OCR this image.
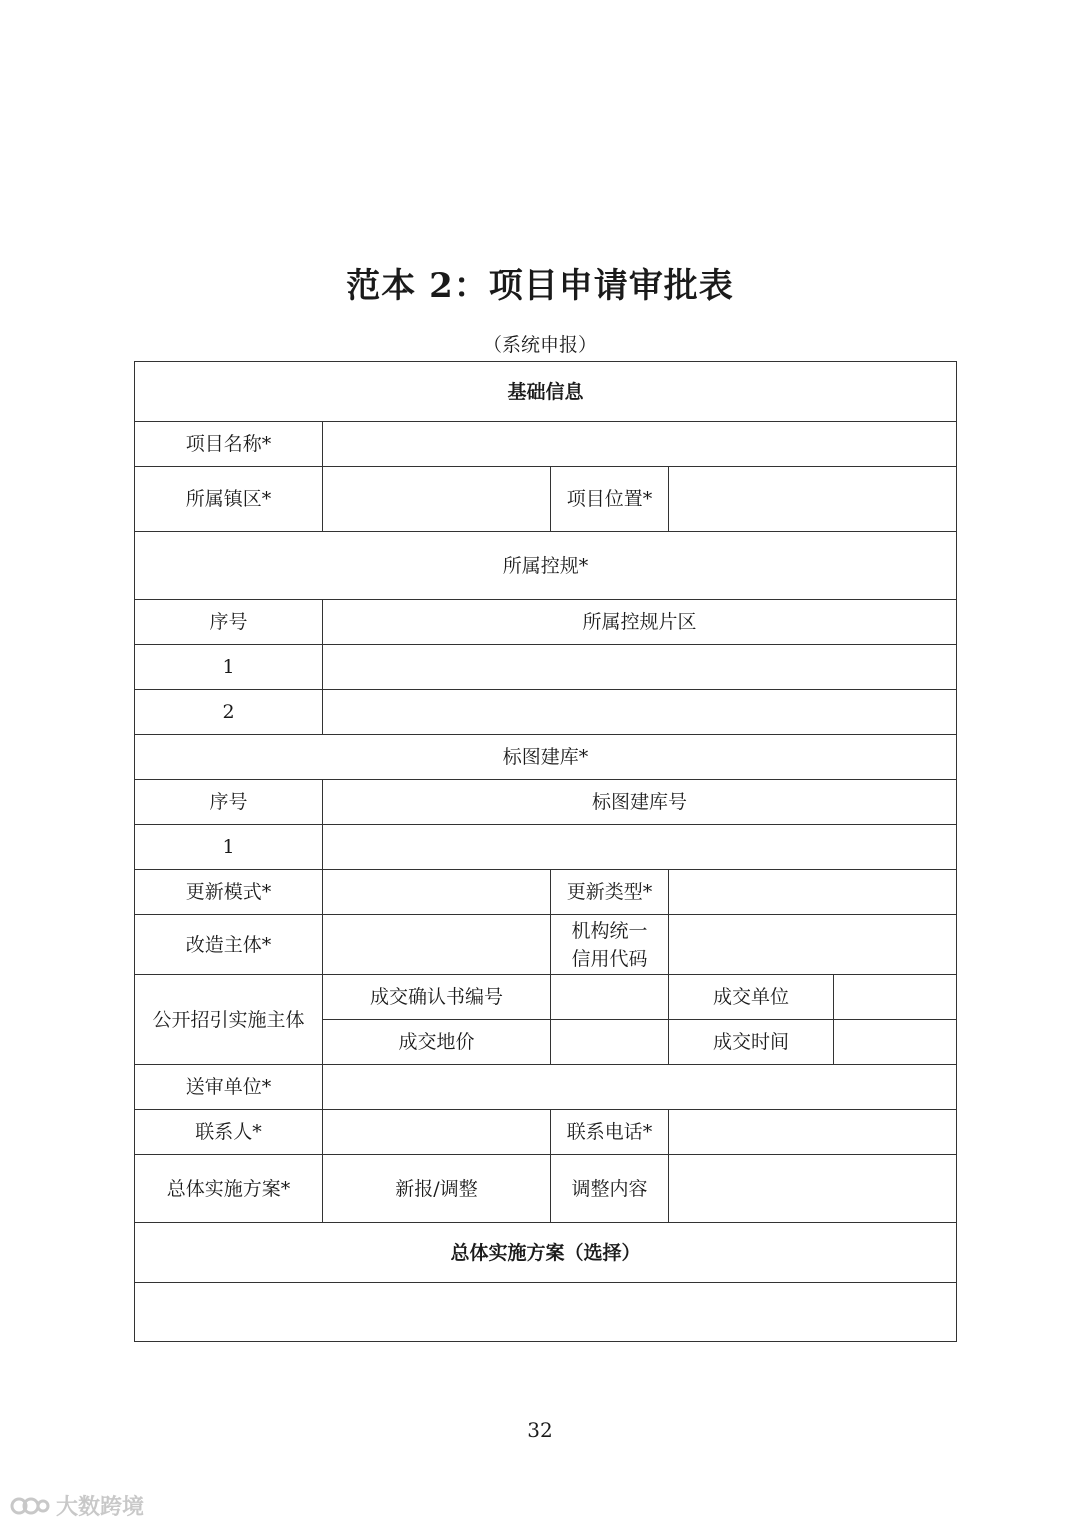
范本 2：项目申请审批表
（系统申报）
基础信息				
项目名称*				
所属镇区*		项目位置*		
所属控规*				
序号	所属控规片区			
1				
2				
标图建库*				
序号	标图建库号			
1				
更新模式*		更新类型*		
改造主体*		机构统一
信用代码		

公开招引实施主体	成交确认书编号		成交单位	
	成交地价		成交时间	
送审单位*				
联系人*		联系电话*		
总体实施方案*	新报/调整	调整内容		
总体实施方案（选择）				

32
大数跨境
